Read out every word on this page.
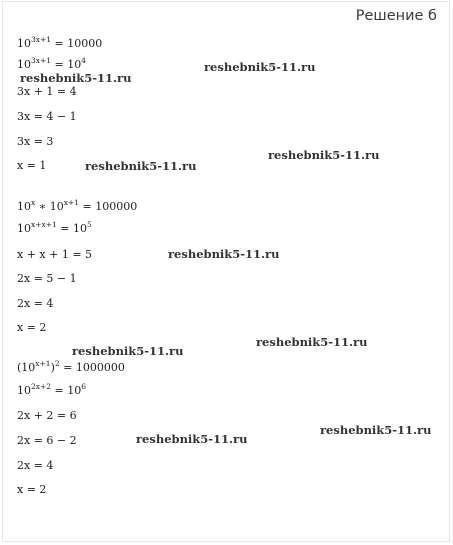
Решение б
$10^{3x+1} = 10000$
$10^{3x+1} = 10^4$
3x + 1 = 4
3x = 4 − 1
3x = 3
x = 1
10$^x$ ∗ $10^{x+1} = 100000$
$10^{x+x+1} = 10^5$
x + x + 1 = 5
2x = 5 − 1
2x = 4
x = 2
$(10^{x+1})^2 = 1000000$
$10^{2x+2} = 10^6$
2x + 2 = 6
2x = 6 − 2
2x = 4
x = 2
reshebnik5-11.ru
reshebnik5-11.ru
reshebnik5-11.ru
reshebnik5-11.ru
reshebnik5-11.ru
reshebnik5-11.ru
reshebnik5-11.ru
reshebnik5-11.ru
reshebnik5-11.ru
